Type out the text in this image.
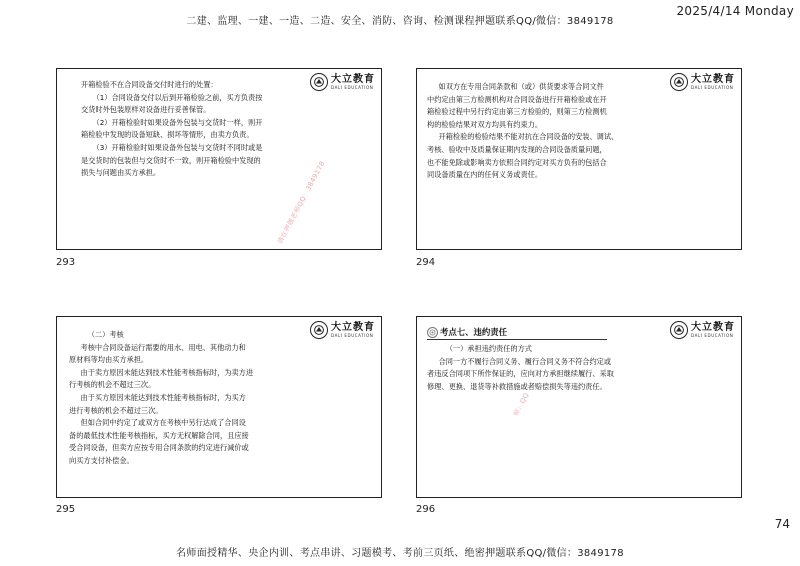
二建、监理、一建、一造、二造、安全、消防、咨询、检测课程押题联系QQ/微信：3849178
2025/4/14 Monday
大立教育
DALI EDUCATION

开箱检验不在合同设备交付时进行的处置：

（1）合同设备交付以后到开箱检验之前，买方负责按

交货时外包装原样对设备进行妥善保管。

（2）开箱检验时如果设备外包装与交货时一样，则开

箱检验中发现的设备短缺、损坏等情形，由卖方负责。

（3）开箱检验时如果设备外包装与交货时不同时或是

是交货时的包装但与交货时不一致，则开箱检验中发现的

损失与问题由买方承担。	请在押题老师QQ：3849178
293
大立教育
DALI EDUCATION

如双方在专用合同条款和（或）供货要求等合同文件

中约定由第三方检测机构对合同设备进行开箱检验或在开

箱检验过程中另行约定由第三方检验的，则第三方检测机

构的检验结果对双方均具有约束力。

开箱检验的检验结果不能对抗在合同设备的安装、调试、

考核、验收中及质量保证期内发现的合同设备质量问题，

也不能免除或影响卖方依照合同约定对买方负有的包括合

同设备质量在内的任何义务或责任。

294
大立教育
DALI EDUCATION

（二）考核

考核中合同设备运行需要的用水、用电、其他动力和

原材料等均由买方承担。

由于卖方原因未能达到技术性能考核指标时，为卖方进

行考核的机会不超过三次。

由于买方原因未能达到技术性能考核指标时，为买方

进行考核的机会不超过三次。

但如合同中约定了或双方在考核中另行达成了合同设

备的最低技术性能考核指标，买方无权解除合同，且应接

受合同设备，但卖方应按专用合同条款的约定进行减价或

向买方支付补偿金。

295
考点七、违约责任	大立教育
DALI EDUCATION

（一）承担违约责任的方式

合同一方不履行合同义务、履行合同义务不符合约定或

者违反合同项下所作保证的，应向对方承担继续履行、采取

修理、更换、退货等补救措施或者赔偿损失等违约责任。

师：QQ
296
74
名师面授精华、央企内训、考点串讲、习题模考、考前三页纸、绝密押题联系QQ/微信：3849178
